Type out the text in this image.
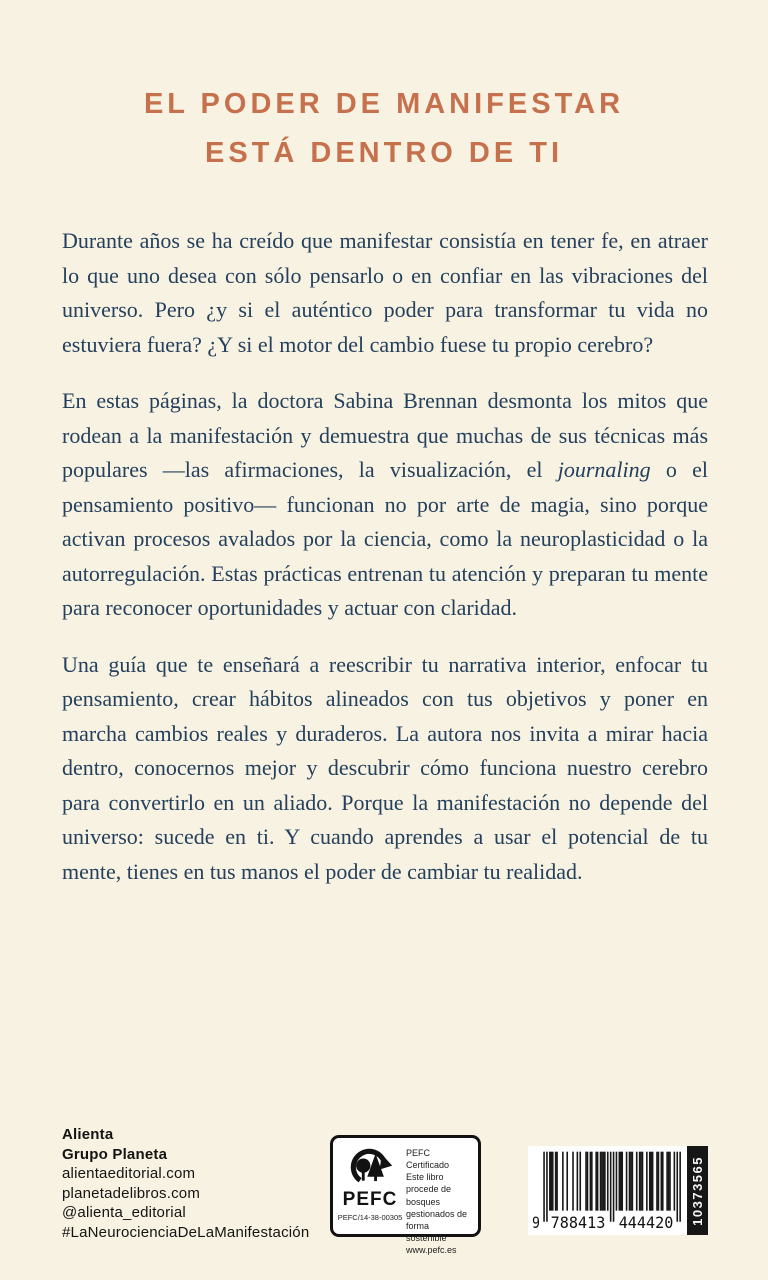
EL PODER DE MANIFESTAR
ESTÁ DENTRO DE TI

Durante años se ha creído que manifestar consistía en tener fe, en atraer lo que uno desea con sólo pensarlo o en confiar en las vibraciones del universo. Pero ¿y si el auténtico poder para transformar tu vida no estuviera fuera? ¿Y si el motor del cambio fuese tu propio cerebro?

En estas páginas, la doctora Sabina Brennan desmonta los mitos que rodean a la manifestación y demuestra que muchas de sus técnicas más populares —las afirmaciones, la visualización, el journaling o el pensamiento positivo— funcionan no por arte de magia, sino porque activan procesos avalados por la ciencia, como la neuroplasticidad o la autorregulación. Estas prácticas entrenan tu atención y preparan tu mente para reconocer oportunidades y actuar con claridad.

Una guía que te enseñará a reescribir tu narrativa interior, enfocar tu pensamiento, crear hábitos alineados con tus objetivos y poner en marcha cambios reales y duraderos. La autora nos invita a mirar hacia dentro, conocernos mejor y descubrir cómo funciona nuestro cerebro para convertirlo en un aliado. Porque la manifestación no depende del universo: sucede en ti. Y cuando aprendes a usar el potencial de tu mente, tienes en tus manos el poder de cambiar tu realidad.

Alienta
Grupo Planeta
alientaeditorial.com
planetadelibros.com
@alienta_editorial
#LaNeurocienciaDeLaManifestación
PEFC
PEFC/14-38-00305
PEFC Certificado
Este libro procede de bosques gestionados de forma sostenible
www.pefc.es
9 788413 444420 10373565
